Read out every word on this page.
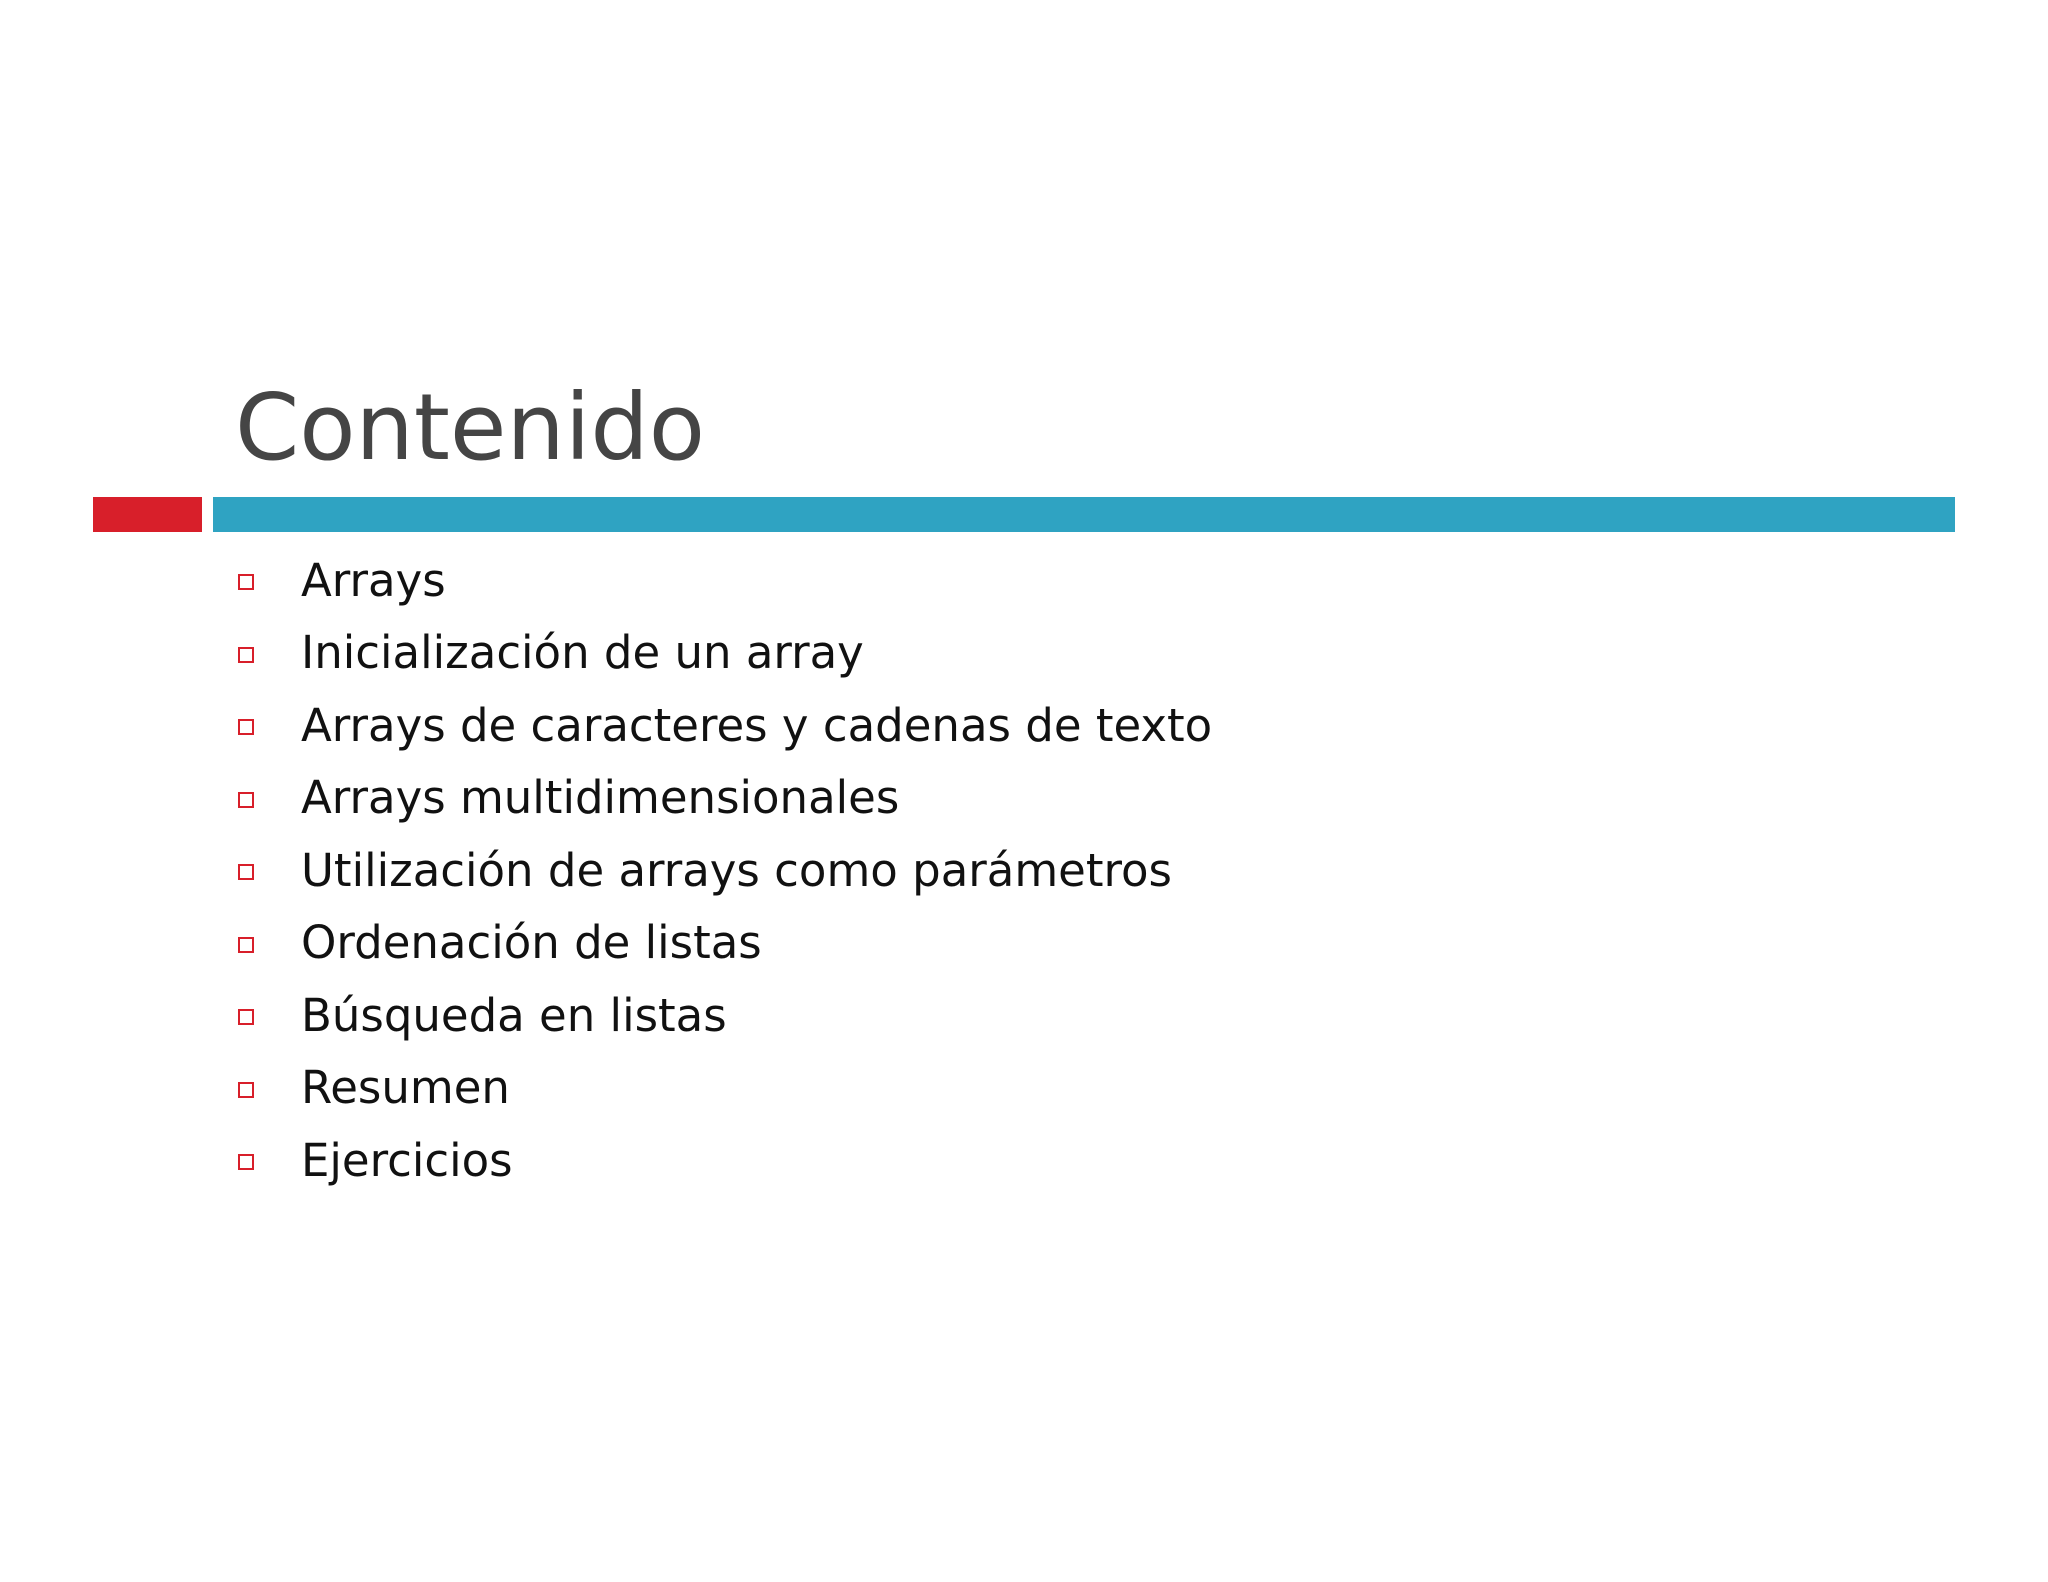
Contenido
Arrays
Inicialización de un array
Arrays de caracteres y cadenas de texto
Arrays multidimensionales
Utilización de arrays como parámetros
Ordenación de listas
Búsqueda en listas
Resumen
Ejercicios
